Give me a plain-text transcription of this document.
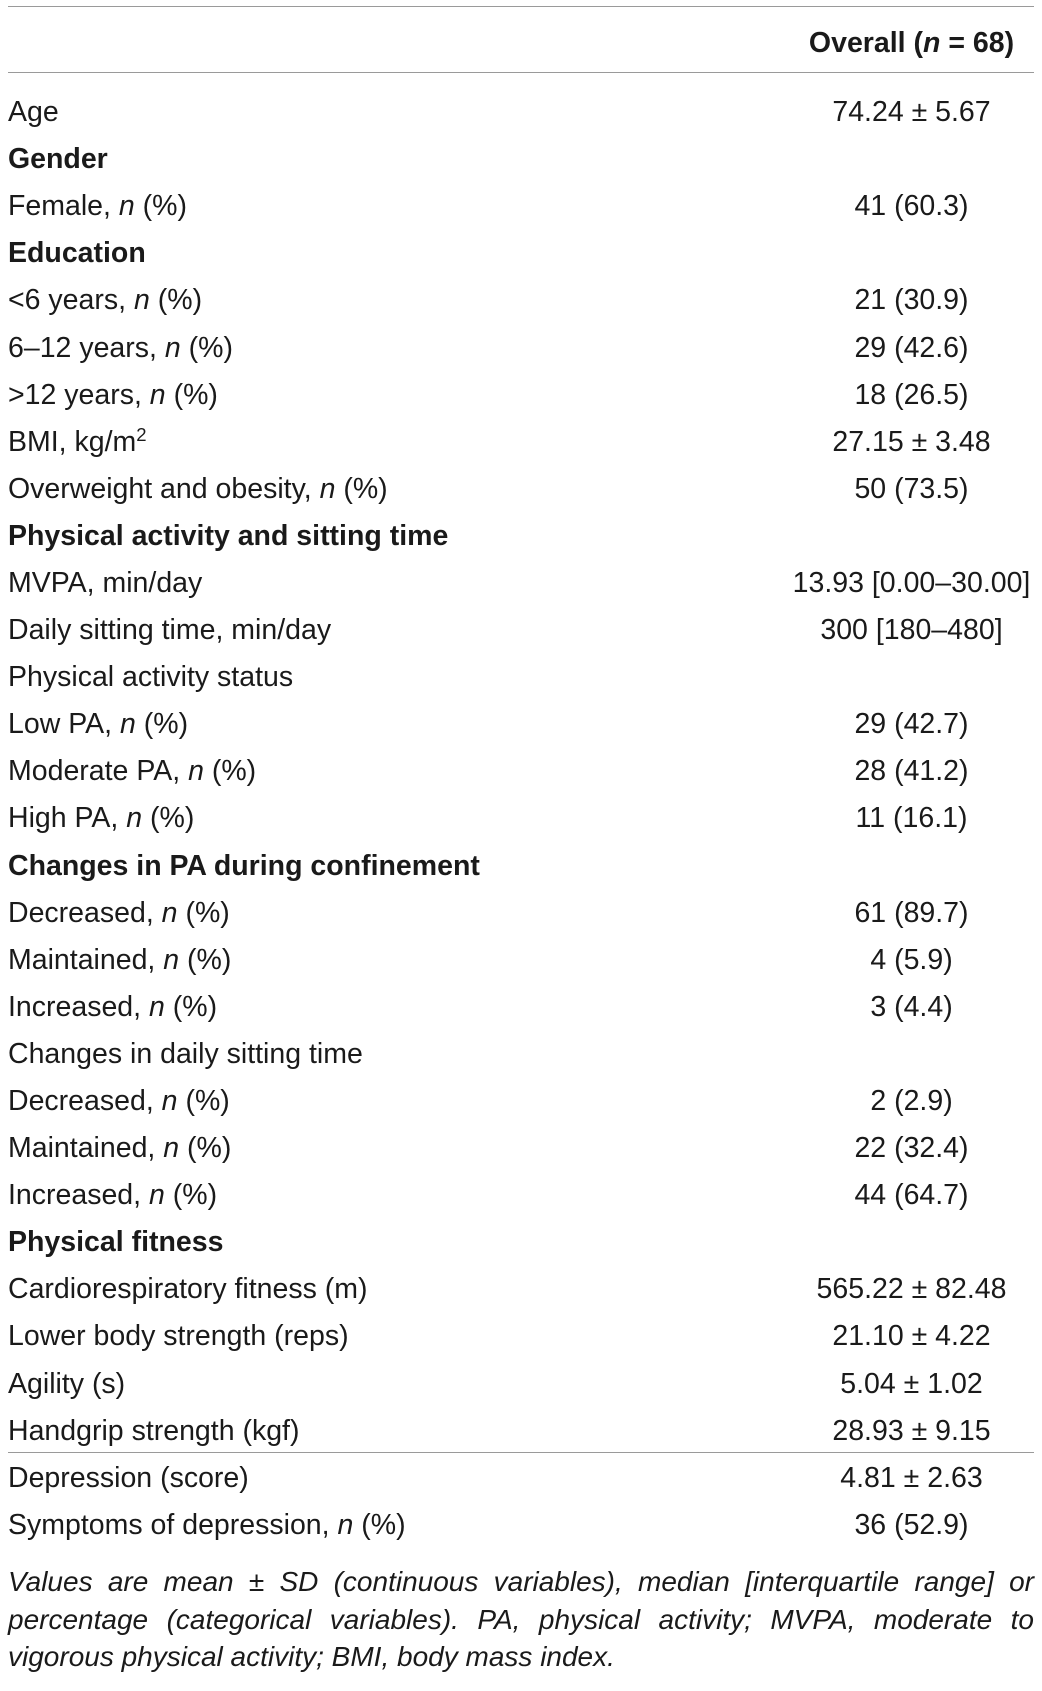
	Overall (n = 68)

Age	74.24 ± 5.67
Gender	
Female, n (%)	41 (60.3)
Education	
<6 years, n (%)	21 (30.9)
6–12 years, n (%)	29 (42.6)
>12 years, n (%)	18 (26.5)
BMI, $kg/m^2$	27.15 ± 3.48
Overweight and obesity, n (%)	50 (73.5)
Physical activity and sitting time	
MVPA, min/day	13.93 [0.00–30.00]
Daily sitting time, min/day	300 [180–480]
Physical activity status	
Low PA, n (%)	29 (42.7)
Moderate PA, n (%)	28 (41.2)
High PA, n (%)	11 (16.1)
Changes in PA during confinement	
Decreased, n (%)	61 (89.7)
Maintained, n (%)	4 (5.9)
Increased, n (%)	3 (4.4)
Changes in daily sitting time	
Decreased, n (%)	2 (2.9)
Maintained, n (%)	22 (32.4)
Increased, n (%)	44 (64.7)
Physical fitness	
Cardiorespiratory fitness (m)	565.22 ± 82.48
Lower body strength (reps)	21.10 ± 4.22
Agility (s)	5.04 ± 1.02
Handgrip strength (kgf)	28.93 ± 9.15
Depression (score)	4.81 ± 2.63
Symptoms of depression, n (%)	36 (52.9)
Values are mean ± SD (continuous variables), median [interquartile range] or percentage (categorical variables). PA, physical activity; MVPA, moderate to vigorous physical activity; BMI, body mass index.
